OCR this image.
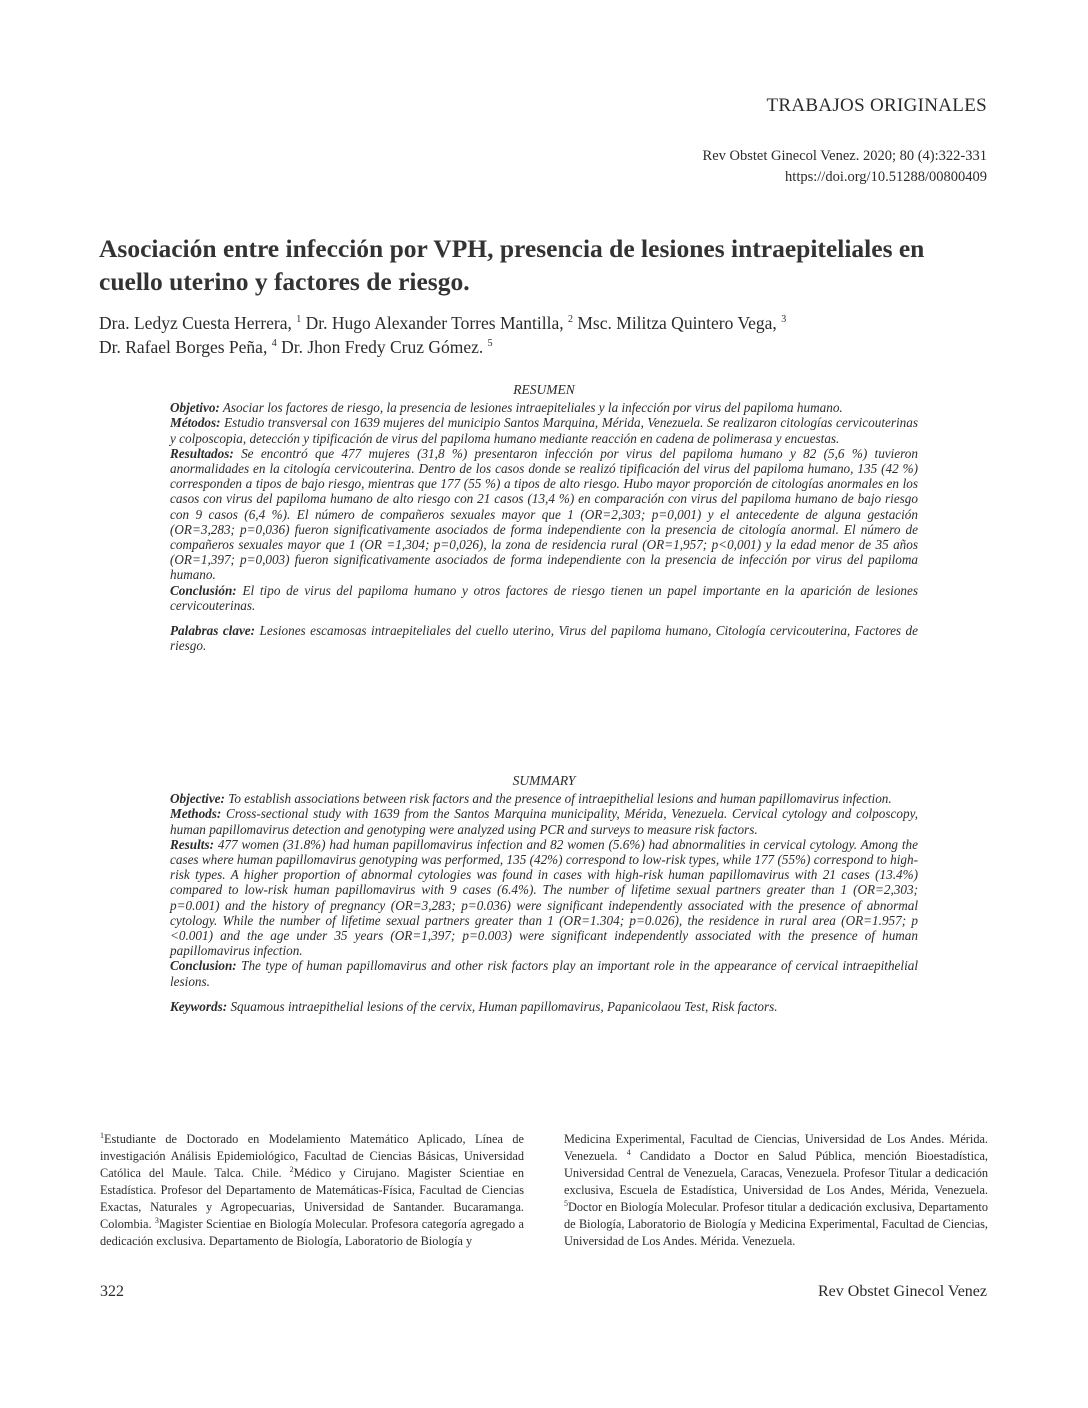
TRABAJOS ORIGINALES
Rev Obstet Ginecol Venez. 2020; 80 (4):322-331
https://doi.org/10.51288/00800409
Asociación entre infección por VPH, presencia de lesiones intraepiteliales en cuello uterino y factores de riesgo.
Dra. Ledyz Cuesta Herrera, $^1$ Dr. Hugo Alexander Torres Mantilla, $^2$ Msc. Militza Quintero Vega, $^3$
Dr. Rafael Borges Peña, $^4$ Dr. Jhon Fredy Cruz Gómez. $^5$

RESUMEN

Objetivo: Asociar los factores de riesgo, la presencia de lesiones intraepiteliales y la infección por virus del papiloma humano.

Métodos: Estudio transversal con 1639 mujeres del municipio Santos Marquina, Mérida, Venezuela. Se realizaron citologías cervicouterinas y colposcopia, detección y tipificación de virus del papiloma humano mediante reacción en cadena de polimerasa y encuestas.

Resultados: Se encontró que 477 mujeres (31,8 %) presentaron infección por virus del papiloma humano y 82 (5,6 %) tuvieron anormalidades en la citología cervicouterina. Dentro de los casos donde se realizó tipificación del virus del papiloma humano, 135 (42 %) corresponden a tipos de bajo riesgo, mientras que 177 (55 %) a tipos de alto riesgo. Hubo mayor proporción de citologías anormales en los casos con virus del papiloma humano de alto riesgo con 21 casos (13,4 %) en comparación con virus del papiloma humano de bajo riesgo con 9 casos (6,4 %). El número de compañeros sexuales mayor que 1 (OR=2,303; p=0,001) y el antecedente de alguna gestación (OR=3,283; p=0,036) fueron significativamente asociados de forma independiente con la presencia de citología anormal. El número de compañeros sexuales mayor que 1 (OR =1,304; p=0,026), la zona de residencia rural (OR=1,957; p<0,001) y la edad menor de 35 años (OR=1,397; p=0,003) fueron significativamente asociados de forma independiente con la presencia de infección por virus del papiloma humano.

Conclusión: El tipo de virus del papiloma humano y otros factores de riesgo tienen un papel importante en la aparición de lesiones cervicouterinas.

Palabras clave: Lesiones escamosas intraepiteliales del cuello uterino, Virus del papiloma humano, Citología cervicouterina, Factores de riesgo.

SUMMARY

Objective: To establish associations between risk factors and the presence of intraepithelial lesions and human papillomavirus infection.

Methods: Cross-sectional study with 1639 from the Santos Marquina municipality, Mérida, Venezuela. Cervical cytology and colposcopy, human papillomavirus detection and genotyping were analyzed using PCR and surveys to measure risk factors.

Results: 477 women (31.8%) had human papillomavirus infection and 82 women (5.6%) had abnormalities in cervical cytology. Among the cases where human papillomavirus genotyping was performed, 135 (42%) correspond to low-risk types, while 177 (55%) correspond to high-risk types. A higher proportion of abnormal cytologies was found in cases with high-risk human papillomavirus with 21 cases (13.4%) compared to low-risk human papillomavirus with 9 cases (6.4%). The number of lifetime sexual partners greater than 1 (OR=2,303; p=0.001) and the history of pregnancy (OR=3,283; p=0.036) were significant independently associated with the presence of abnormal cytology. While the number of lifetime sexual partners greater than 1 (OR=1.304; p=0.026), the residence in rural area (OR=1.957; p <0.001) and the age under 35 years (OR=1,397; p=0.003) were significant independently associated with the presence of human papillomavirus infection.

Conclusion: The type of human papillomavirus and other risk factors play an important role in the appearance of cervical intraepithelial lesions.

Keywords: Squamous intraepithelial lesions of the cervix, Human papillomavirus, Papanicolaou Test, Risk factors.

$^1$Estudiante de Doctorado en Modelamiento Matemático Aplicado, Línea de investigación Análisis Epidemiológico, Facultad de Ciencias Básicas, Universidad Católica del Maule. Talca. Chile. $^2$Médico y Cirujano. Magister Scientiae en Estadística. Profesor del Departamento de Matemáticas-Física, Facultad de Ciencias Exactas, Naturales y Agropecuarias, Universidad de Santander. Bucaramanga. Colombia. $^3$Magister Scientiae en Biología Molecular. Profesora categoría agregado a dedicación exclusiva. Departamento de Biología, Laboratorio de Biología y

Medicina Experimental, Facultad de Ciencias, Universidad de Los Andes. Mérida. Venezuela. $^4$ Candidato a Doctor en Salud Pública, mención Bioestadística, Universidad Central de Venezuela, Caracas, Venezuela. Profesor Titular a dedicación exclusiva, Escuela de Estadística, Universidad de Los Andes, Mérida, Venezuela. $^5$Doctor en Biología Molecular. Profesor titular a dedicación exclusiva, Departamento de Biología, Laboratorio de Biología y Medicina Experimental, Facultad de Ciencias, Universidad de Los Andes. Mérida. Venezuela.

322	Rev Obstet Ginecol Venez
